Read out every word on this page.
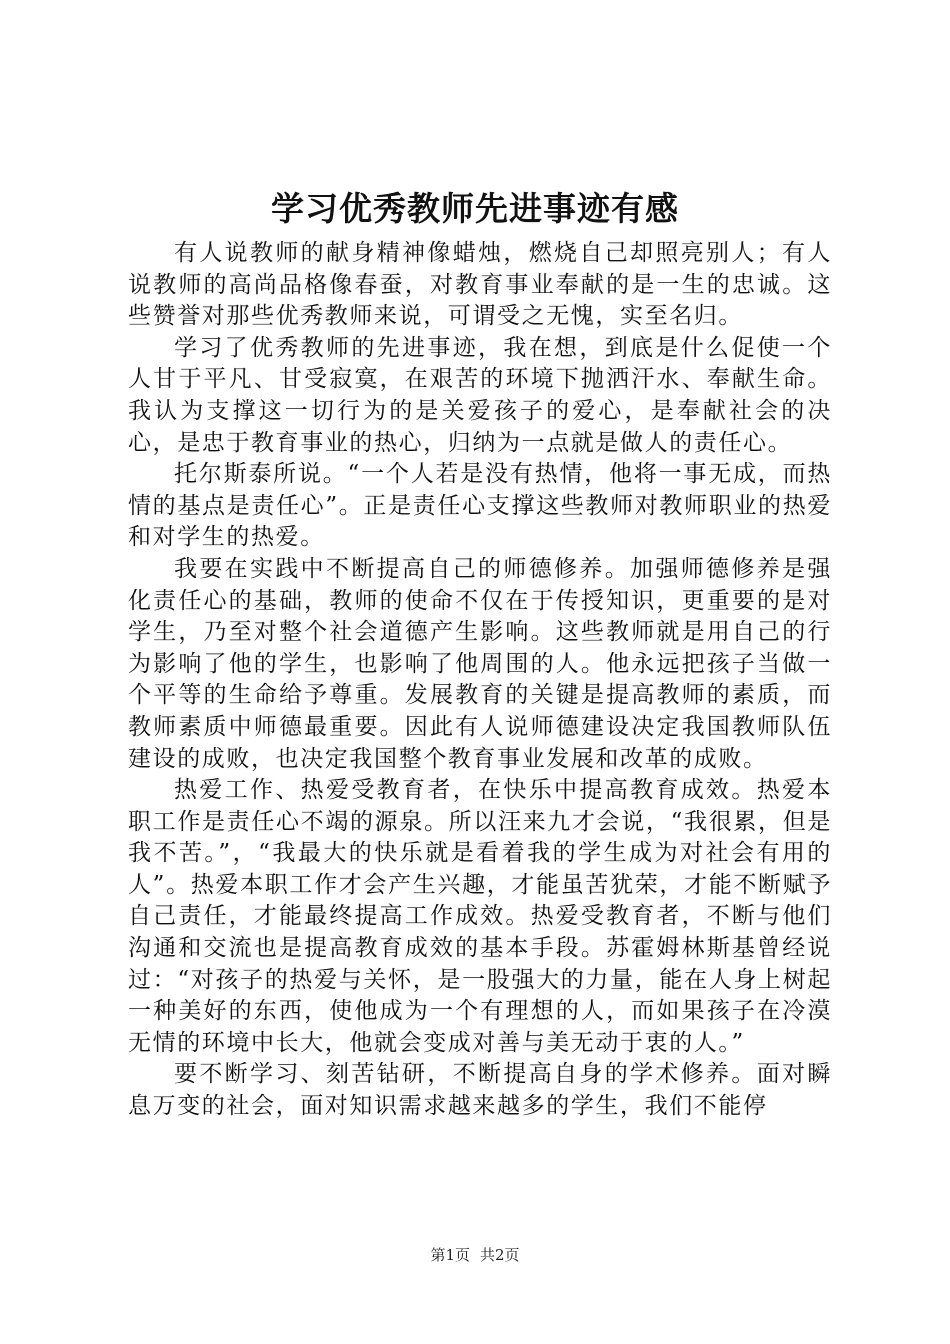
学习优秀教师先进事迹有感

有人说教师的献身精神像蜡烛，燃烧自己却照亮别人；有人说教师的高尚品格像春蚕，对教育事业奉献的是一生的忠诚。这些赞誉对那些优秀教师来说，可谓受之无愧，实至名归。

学习了优秀教师的先进事迹，我在想，到底是什么促使一个人甘于平凡、甘受寂寞，在艰苦的环境下抛洒汗水、奉献生命。我认为支撑这一切行为的是关爱孩子的爱心，是奉献社会的决心，是忠于教育事业的热心，归纳为一点就是做人的责任心。

托尔斯泰所说。“一个人若是没有热情，他将一事无成，而热情的基点是责任心”。正是责任心支撑这些教师对教师职业的热爱和对学生的热爱。

我要在实践中不断提高自己的师德修养。加强师德修养是强化责任心的基础，教师的使命不仅在于传授知识，更重要的是对学生，乃至对整个社会道德产生影响。这些教师就是用自己的行为影响了他的学生，也影响了他周围的人。他永远把孩子当做一个平等的生命给予尊重。发展教育的关键是提高教师的素质，而教师素质中师德最重要。因此有人说师德建设决定我国教师队伍建设的成败，也决定我国整个教育事业发展和改革的成败。

热爱工作、热爱受教育者，在快乐中提高教育成效。热爱本职工作是责任心不竭的源泉。所以汪来九才会说，“我很累，但是我不苦。”，“我最大的快乐就是看着我的学生成为对社会有用的人”。热爱本职工作才会产生兴趣，才能虽苦犹荣，才能不断赋予自己责任，才能最终提高工作成效。热爱受教育者，不断与他们沟通和交流也是提高教育成效的基本手段。苏霍姆林斯基曾经说过：“对孩子的热爱与关怀，是一股强大的力量，能在人身上树起一种美好的东西，使他成为一个有理想的人，而如果孩子在冷漠无情的环境中长大，他就会变成对善与美无动于衷的人。”

要不断学习、刻苦钻研，不断提高自身的学术修养。面对瞬息万变的社会，面对知识需求越来越多的学生，我们不能停

第1页 共2页
